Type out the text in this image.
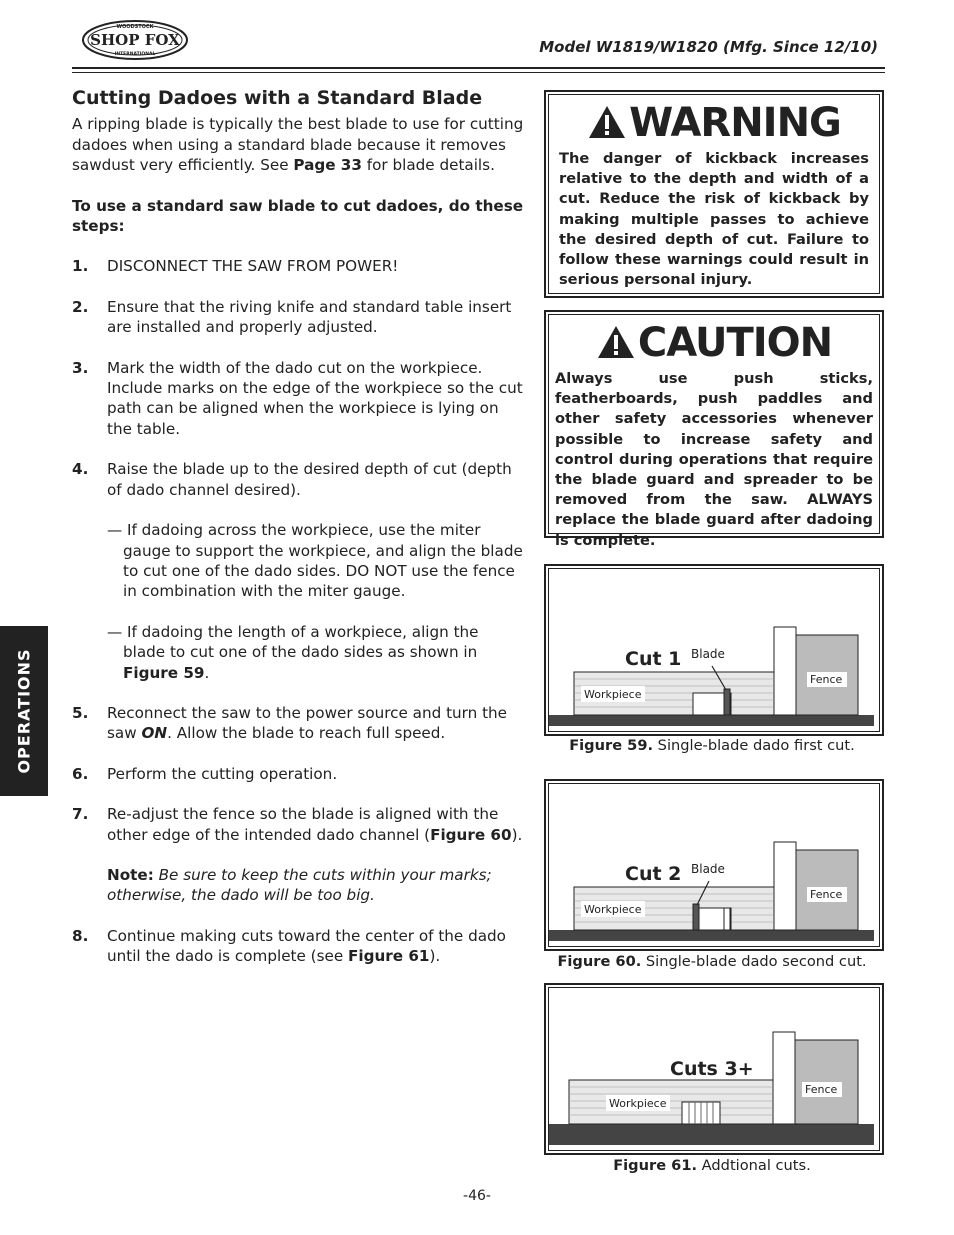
WOODSTOCK
SHOP FOX
INTERNATIONAL	Model W1819/W1820 (Mfg. Since 12/10)
OPERATIONS
Cutting Dadoes with a Standard Blade

A ripping blade is typically the best blade to use for cutting dadoes when using a standard blade because it removes sawdust very efficiently. See Page 33 for blade details.

To use a standard saw blade to cut dadoes, do these steps:

1. DISCONNECT THE SAW FROM POWER!
2. Ensure that the riving knife and standard table insert are installed and properly adjusted.
3. Mark the width of the dado cut on the workpiece. Include marks on the edge of the workpiece so the cut path can be aligned when the workpiece is lying on the table.
4. Raise the blade up to the desired depth of cut (depth of dado channel desired).
— If dadoing across the workpiece, use the miter gauge to support the workpiece, and align the blade to cut one of the dado sides. DO NOT use the fence in combination with the miter gauge.
— If dadoing the length of a workpiece, align the blade to cut one of the dado sides as shown in Figure 59.
5. Reconnect the saw to the power source and turn the saw ON. Allow the blade to reach full speed.
6. Perform the cutting operation.
7. Re-adjust the fence so the blade is aligned with the other edge of the intended dado channel (Figure 60).
Note: Be sure to keep the cuts within your marks; otherwise, the dado will be too big.
8. Continue making cuts toward the center of the dado until the dado is complete (see Figure 61).
WARNING
The danger of kickback increases relative to the depth and width of a cut. Reduce the risk of kickback by making multiple passes to achieve the desired depth of cut. Failure to follow these warnings could result in serious personal injury.
CAUTION
Always use push sticks, featherboards, push paddles and other safety accessories whenever possible to increase safety and control during operations that require the blade guard and spreader to be removed from the saw. ALWAYS replace the blade guard after dadoing is complete.
Cut 1 Blade
Workpiece
Fence
Figure 59. Single-blade dado first cut.
Cut 2 Blade
Workpiece
Fence
Figure 60. Single-blade dado second cut.
Cuts 3+
Workpiece
Fence
Figure 61. Addtional cuts.
-46-
